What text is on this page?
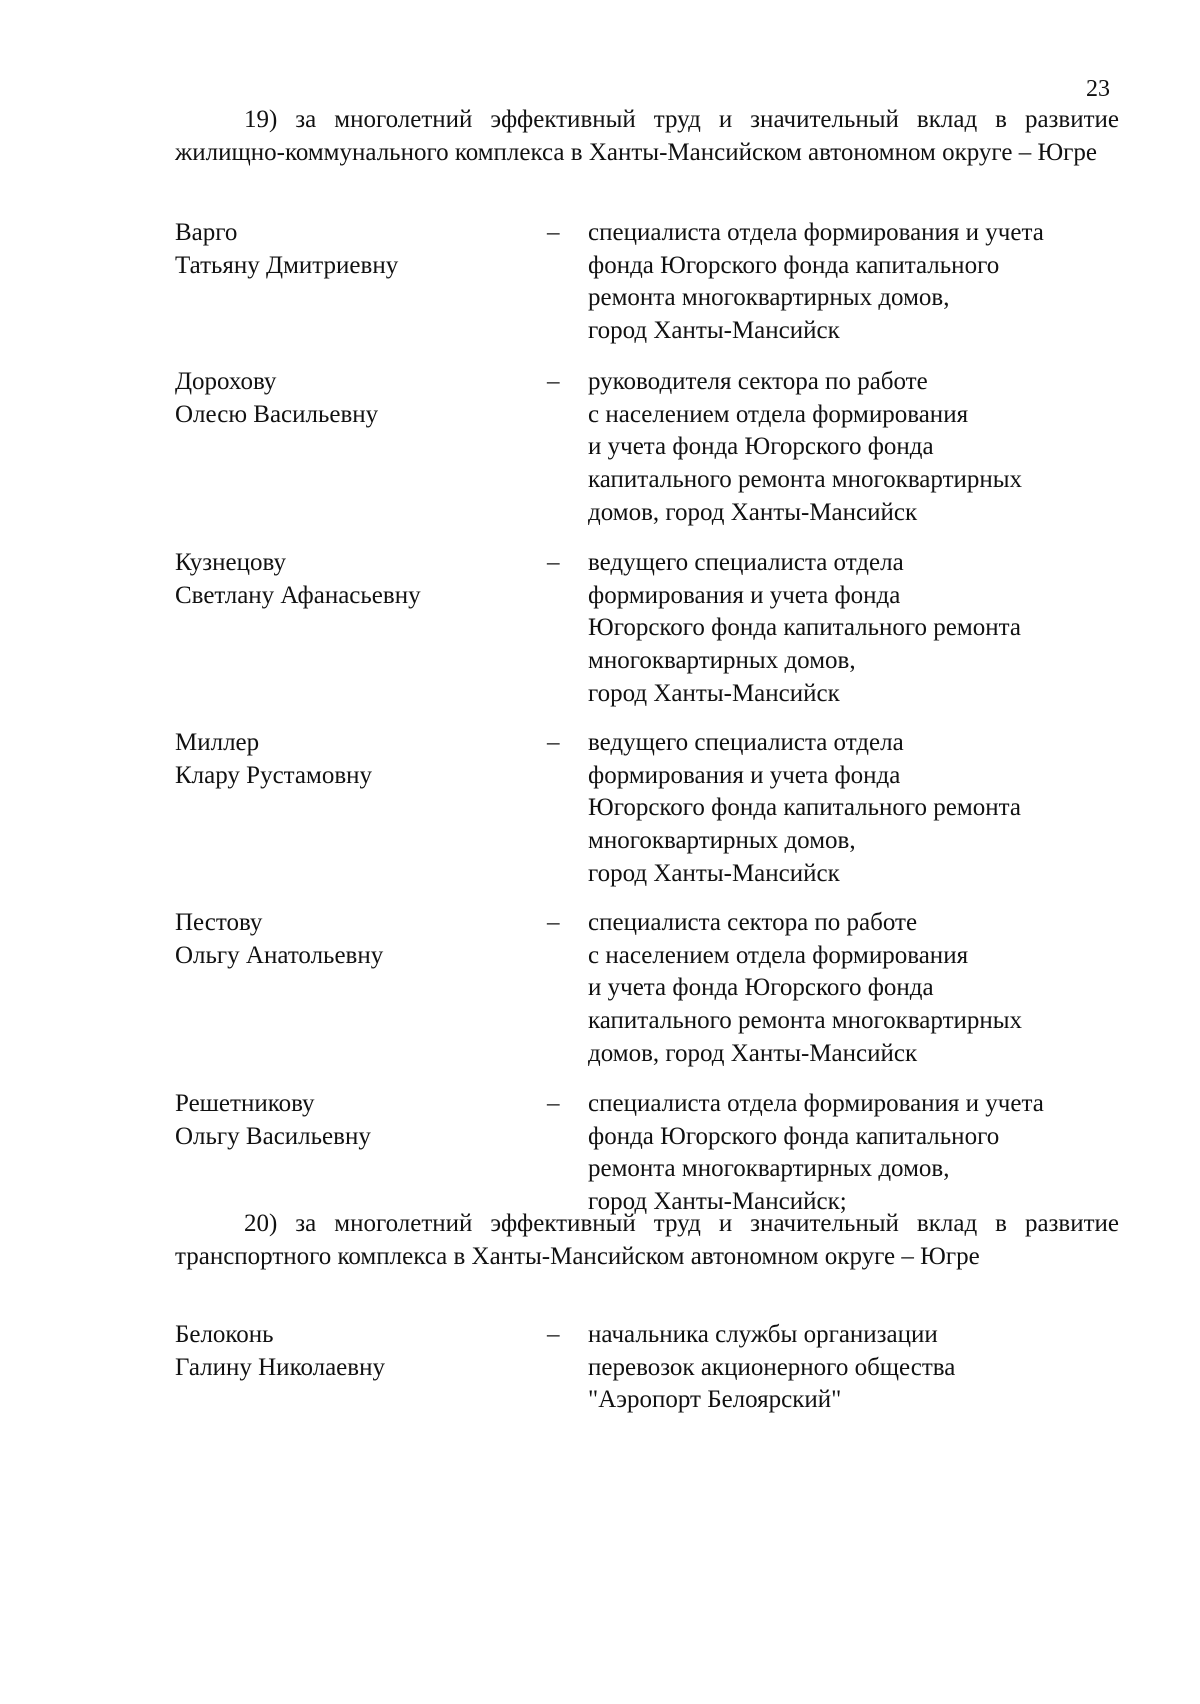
23
19) за многолетний эффективный труд и значительный вклад в развитие жилищно-коммунального комплекса в Ханты-Мансийском автономном округе – Югре
Варго
Татьяну Дмитриевну
– специалиста отдела формирования и учета
фонда Югорского фонда капитального
ремонта многоквартирных домов,
город Ханты-Мансийск
Дорохову
Олесю Васильевну
– руководителя сектора по работе
с населением отдела формирования
и учета фонда Югорского фонда
капитального ремонта многоквартирных
домов, город Ханты-Мансийск
Кузнецову
Светлану Афанасьевну
– ведущего специалиста отдела
формирования и учета фонда
Югорского фонда капитального ремонта
многоквартирных домов,
город Ханты-Мансийск
Миллер
Клару Рустамовну
– ведущего специалиста отдела
формирования и учета фонда
Югорского фонда капитального ремонта
многоквартирных домов,
город Ханты-Мансийск
Пестову
Ольгу Анатольевну
– специалиста сектора по работе
с населением отдела формирования
и учета фонда Югорского фонда
капитального ремонта многоквартирных
домов, город Ханты-Мансийск
Решетникову
Ольгу Васильевну
– специалиста отдела формирования и учета
фонда Югорского фонда капитального
ремонта многоквартирных домов,
город Ханты-Мансийск;
20) за многолетний эффективный труд и значительный вклад в развитие транспортного комплекса в Ханты-Мансийском автономном округе – Югре
Белоконь
Галину Николаевну
– начальника службы организации
перевозок акционерного общества
"Аэропорт Белоярский"
